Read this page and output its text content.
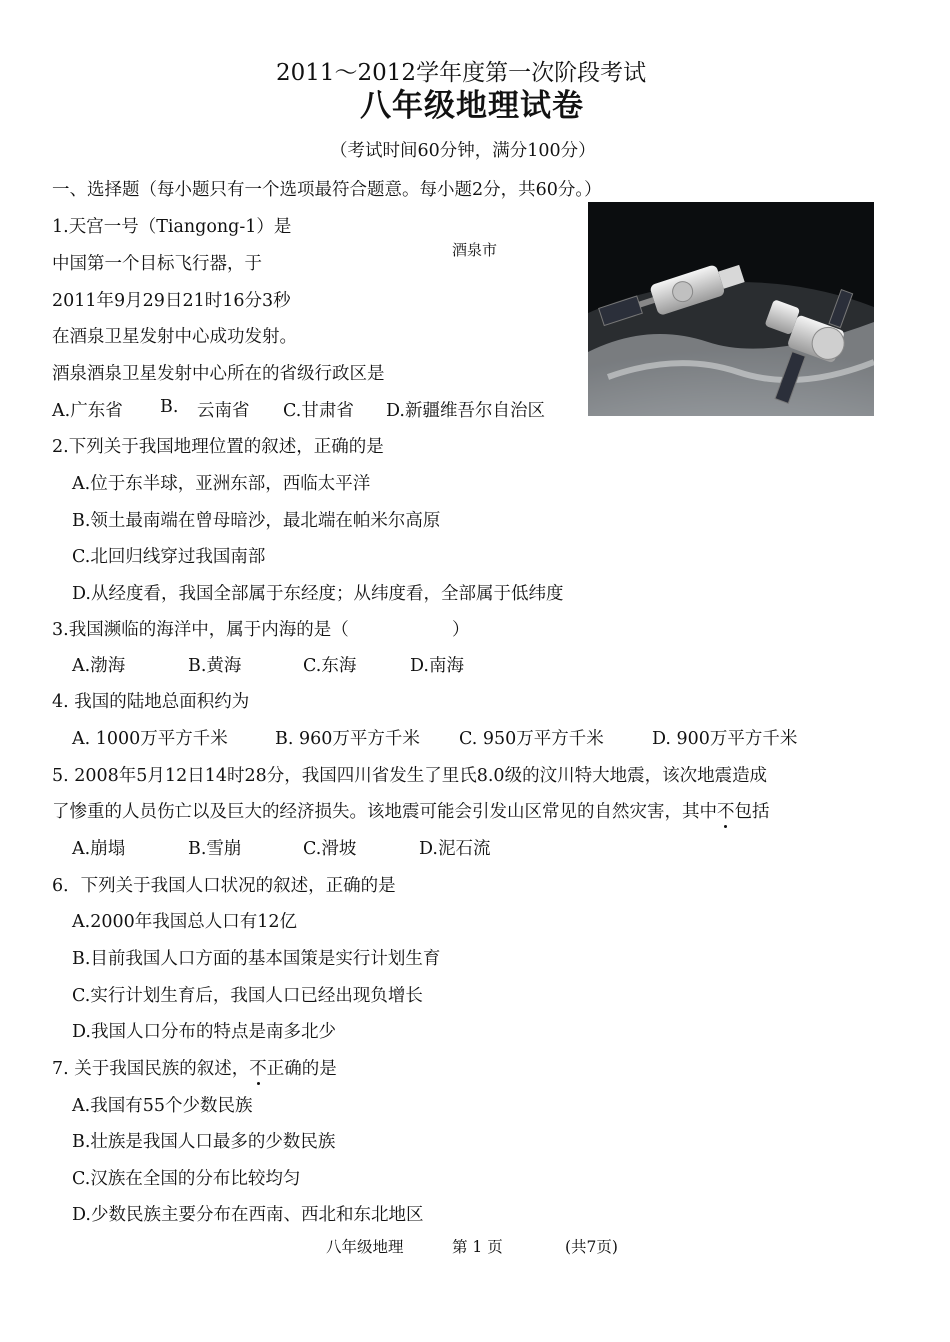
2011～2012学年度第一次阶段考试
八年级地理试卷
（考试时间60分钟，满分100分）
一、选择题（每小题只有一个选项最符合题意。每小题2分，共60分。）
酒泉市
1.天宫一号（Tiangong-1）是
中国第一个目标飞行器，于
2011年9月29日21时16分3秒
在酒泉卫星发射中心成功发射。
酒泉酒泉卫星发射中心所在的省级行政区是
A.广东省 B. 云南省 C.甘肃省 D.新疆维吾尔自治区
2.下列关于我国地理位置的叙述，正确的是
A.位于东半球，亚洲东部，西临太平洋
B.领土最南端在曾母暗沙，最北端在帕米尔高原
C.北回归线穿过我国南部
D.从经度看，我国全部属于东经度；从纬度看，全部属于低纬度
3.我国濒临的海洋中，属于内海的是（	）
A.渤海	B.黄海	C.东海	D.南海
4. 我国的陆地总面积约为
A. 1000万平方千米	B. 960万平方千米 C. 950万平方千米	D. 900万平方千米
5. 2008年5月12日14时28分，我国四川省发生了里氏8.0级的汶川特大地震，该次地震造成
了惨重的人员伤亡以及巨大的经济损失。该地震可能会引发山区常见的自然灾害，其中不包括
A.崩塌	B.雪崩	C.滑坡	D.泥石流
6．下列关于我国人口状况的叙述，正确的是
A.2000年我国总人口有12亿
B.目前我国人口方面的基本国策是实行计划生育
C.实行计划生育后，我国人口已经出现负增长
D.我国人口分布的特点是南多北少
7. 关于我国民族的叙述，不正确的是
A.我国有55个少数民族
B.壮族是我国人口最多的少数民族
C.汉族在全国的分布比较均匀
D.少数民族主要分布在西南、西北和东北地区
八年级地理	第 1 页	(共7页)
